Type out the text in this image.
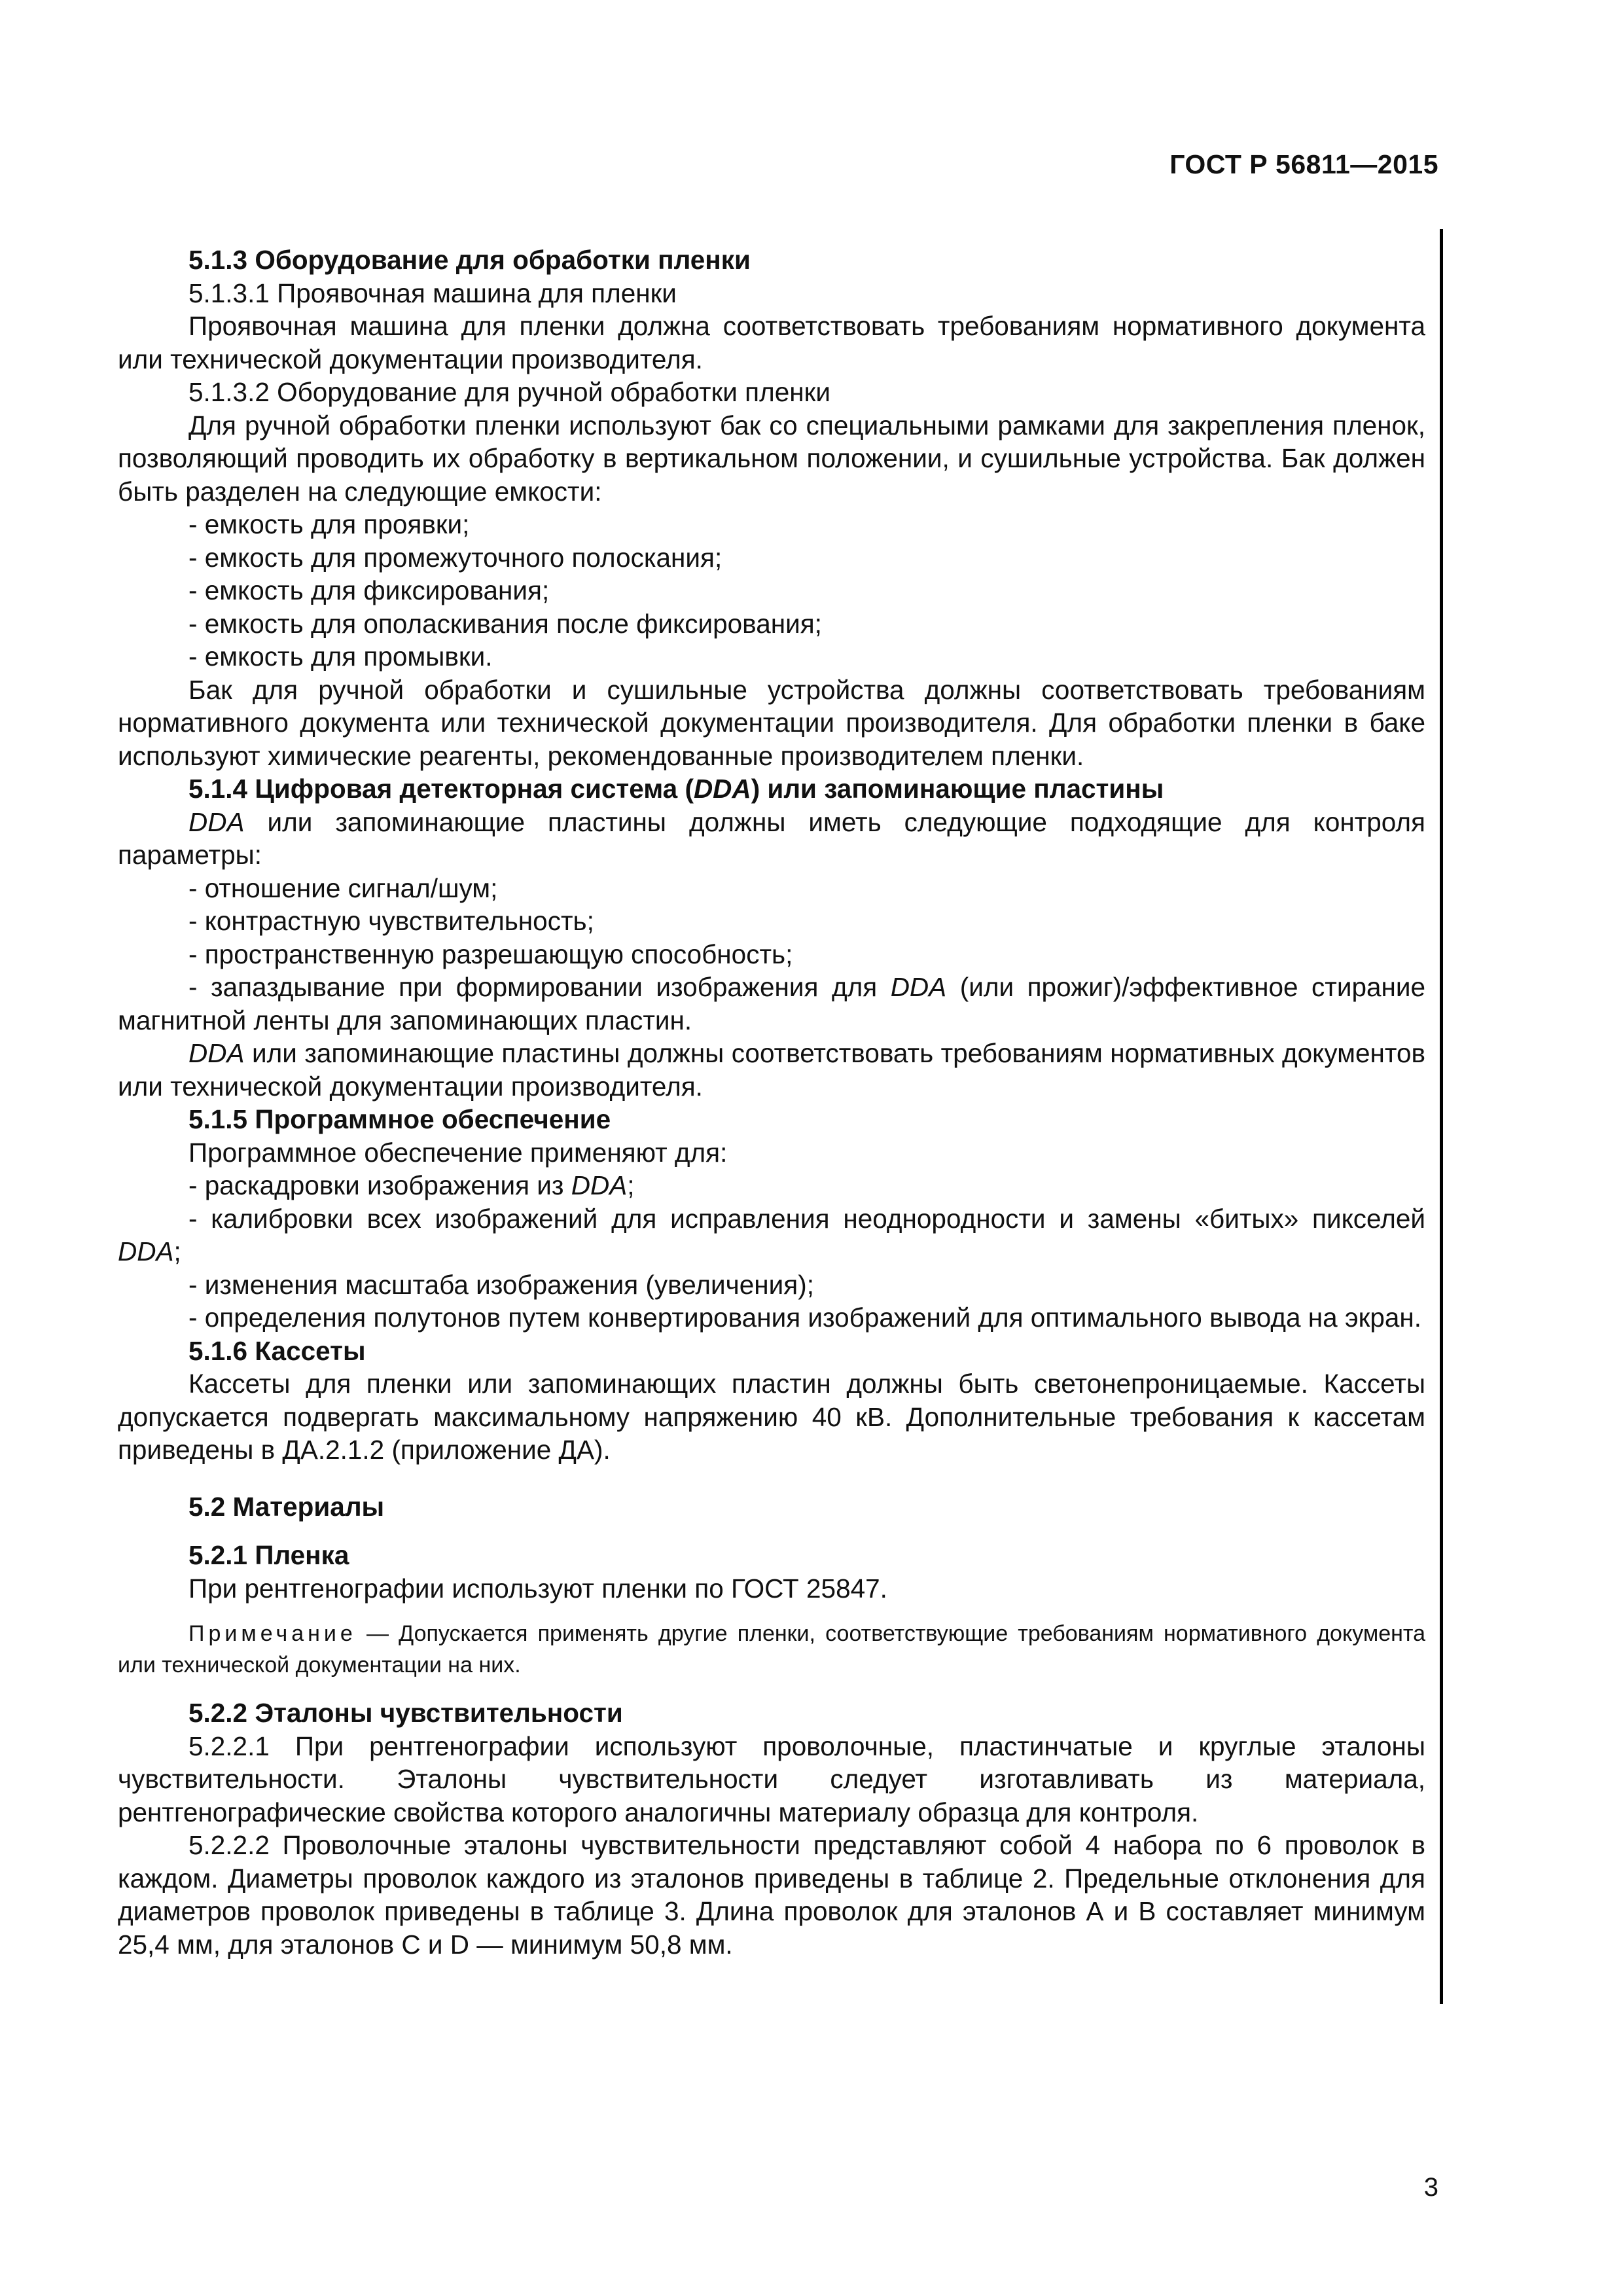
ГОСТ Р 56811—2015

5.1.3 Оборудование для обработки пленки

5.1.3.1 Проявочная машина для пленки

Проявочная машина для пленки должна соответствовать требованиям нормативного документа или технической документации производителя.

5.1.3.2 Оборудование для ручной обработки пленки

Для ручной обработки пленки используют бак со специальными рамками для закрепления пленок, позволяющий проводить их обработку в вертикальном положении, и сушильные устройства. Бак должен быть разделен на следующие емкости:

- емкость для проявки;

- емкость для промежуточного полоскания;

- емкость для фиксирования;

- емкость для ополаскивания после фиксирования;

- емкость для промывки.

Бак для ручной обработки и сушильные устройства должны соответствовать требованиям нормативного документа или технической документации производителя. Для обработки пленки в баке используют химические реагенты, рекомендованные производителем пленки.

5.1.4 Цифровая детекторная система (DDA) или запоминающие пластины

DDA или запоминающие пластины должны иметь следующие подходящие для контроля параметры:

- отношение сигнал/шум;

- контрастную чувствительность;

- пространственную разрешающую способность;

- запаздывание при формировании изображения для DDA (или прожиг)/эффективное стирание магнитной ленты для запоминающих пластин.

DDA или запоминающие пластины должны соответствовать требованиям нормативных документов или технической документации производителя.

5.1.5 Программное обеспечение

Программное обеспечение применяют для:

- раскадровки изображения из DDA;

- калибровки всех изображений для исправления неоднородности и замены «битых» пикселей DDA;

- изменения масштаба изображения (увеличения);

- определения полутонов путем конвертирования изображений для оптимального вывода на экран.

5.1.6 Кассеты

Кассеты для пленки или запоминающих пластин должны быть светонепроницаемые. Кассеты допускается подвергать максимальному напряжению 40 кВ. Дополнительные требования к кассетам приведены в ДА.2.1.2 (приложение ДА).

5.2 Материалы

5.2.1 Пленка

При рентгенографии используют пленки по ГОСТ 25847.

Примечание — Допускается применять другие пленки, соответствующие требованиям нормативного документа или технической документации на них.

5.2.2 Эталоны чувствительности

5.2.2.1 При рентгенографии используют проволочные, пластинчатые и круглые эталоны чувствительности. Эталоны чувствительности следует изготавливать из материала, рентгенографические свойства которого аналогичны материалу образца для контроля.

5.2.2.2 Проволочные эталоны чувствительности представляют собой 4 набора по 6 проволок в каждом. Диаметры проволок каждого из эталонов приведены в таблице 2. Предельные отклонения для диаметров проволок приведены в таблице 3. Длина проволок для эталонов А и В составляет минимум 25,4 мм, для эталонов С и D — минимум 50,8 мм.

3
